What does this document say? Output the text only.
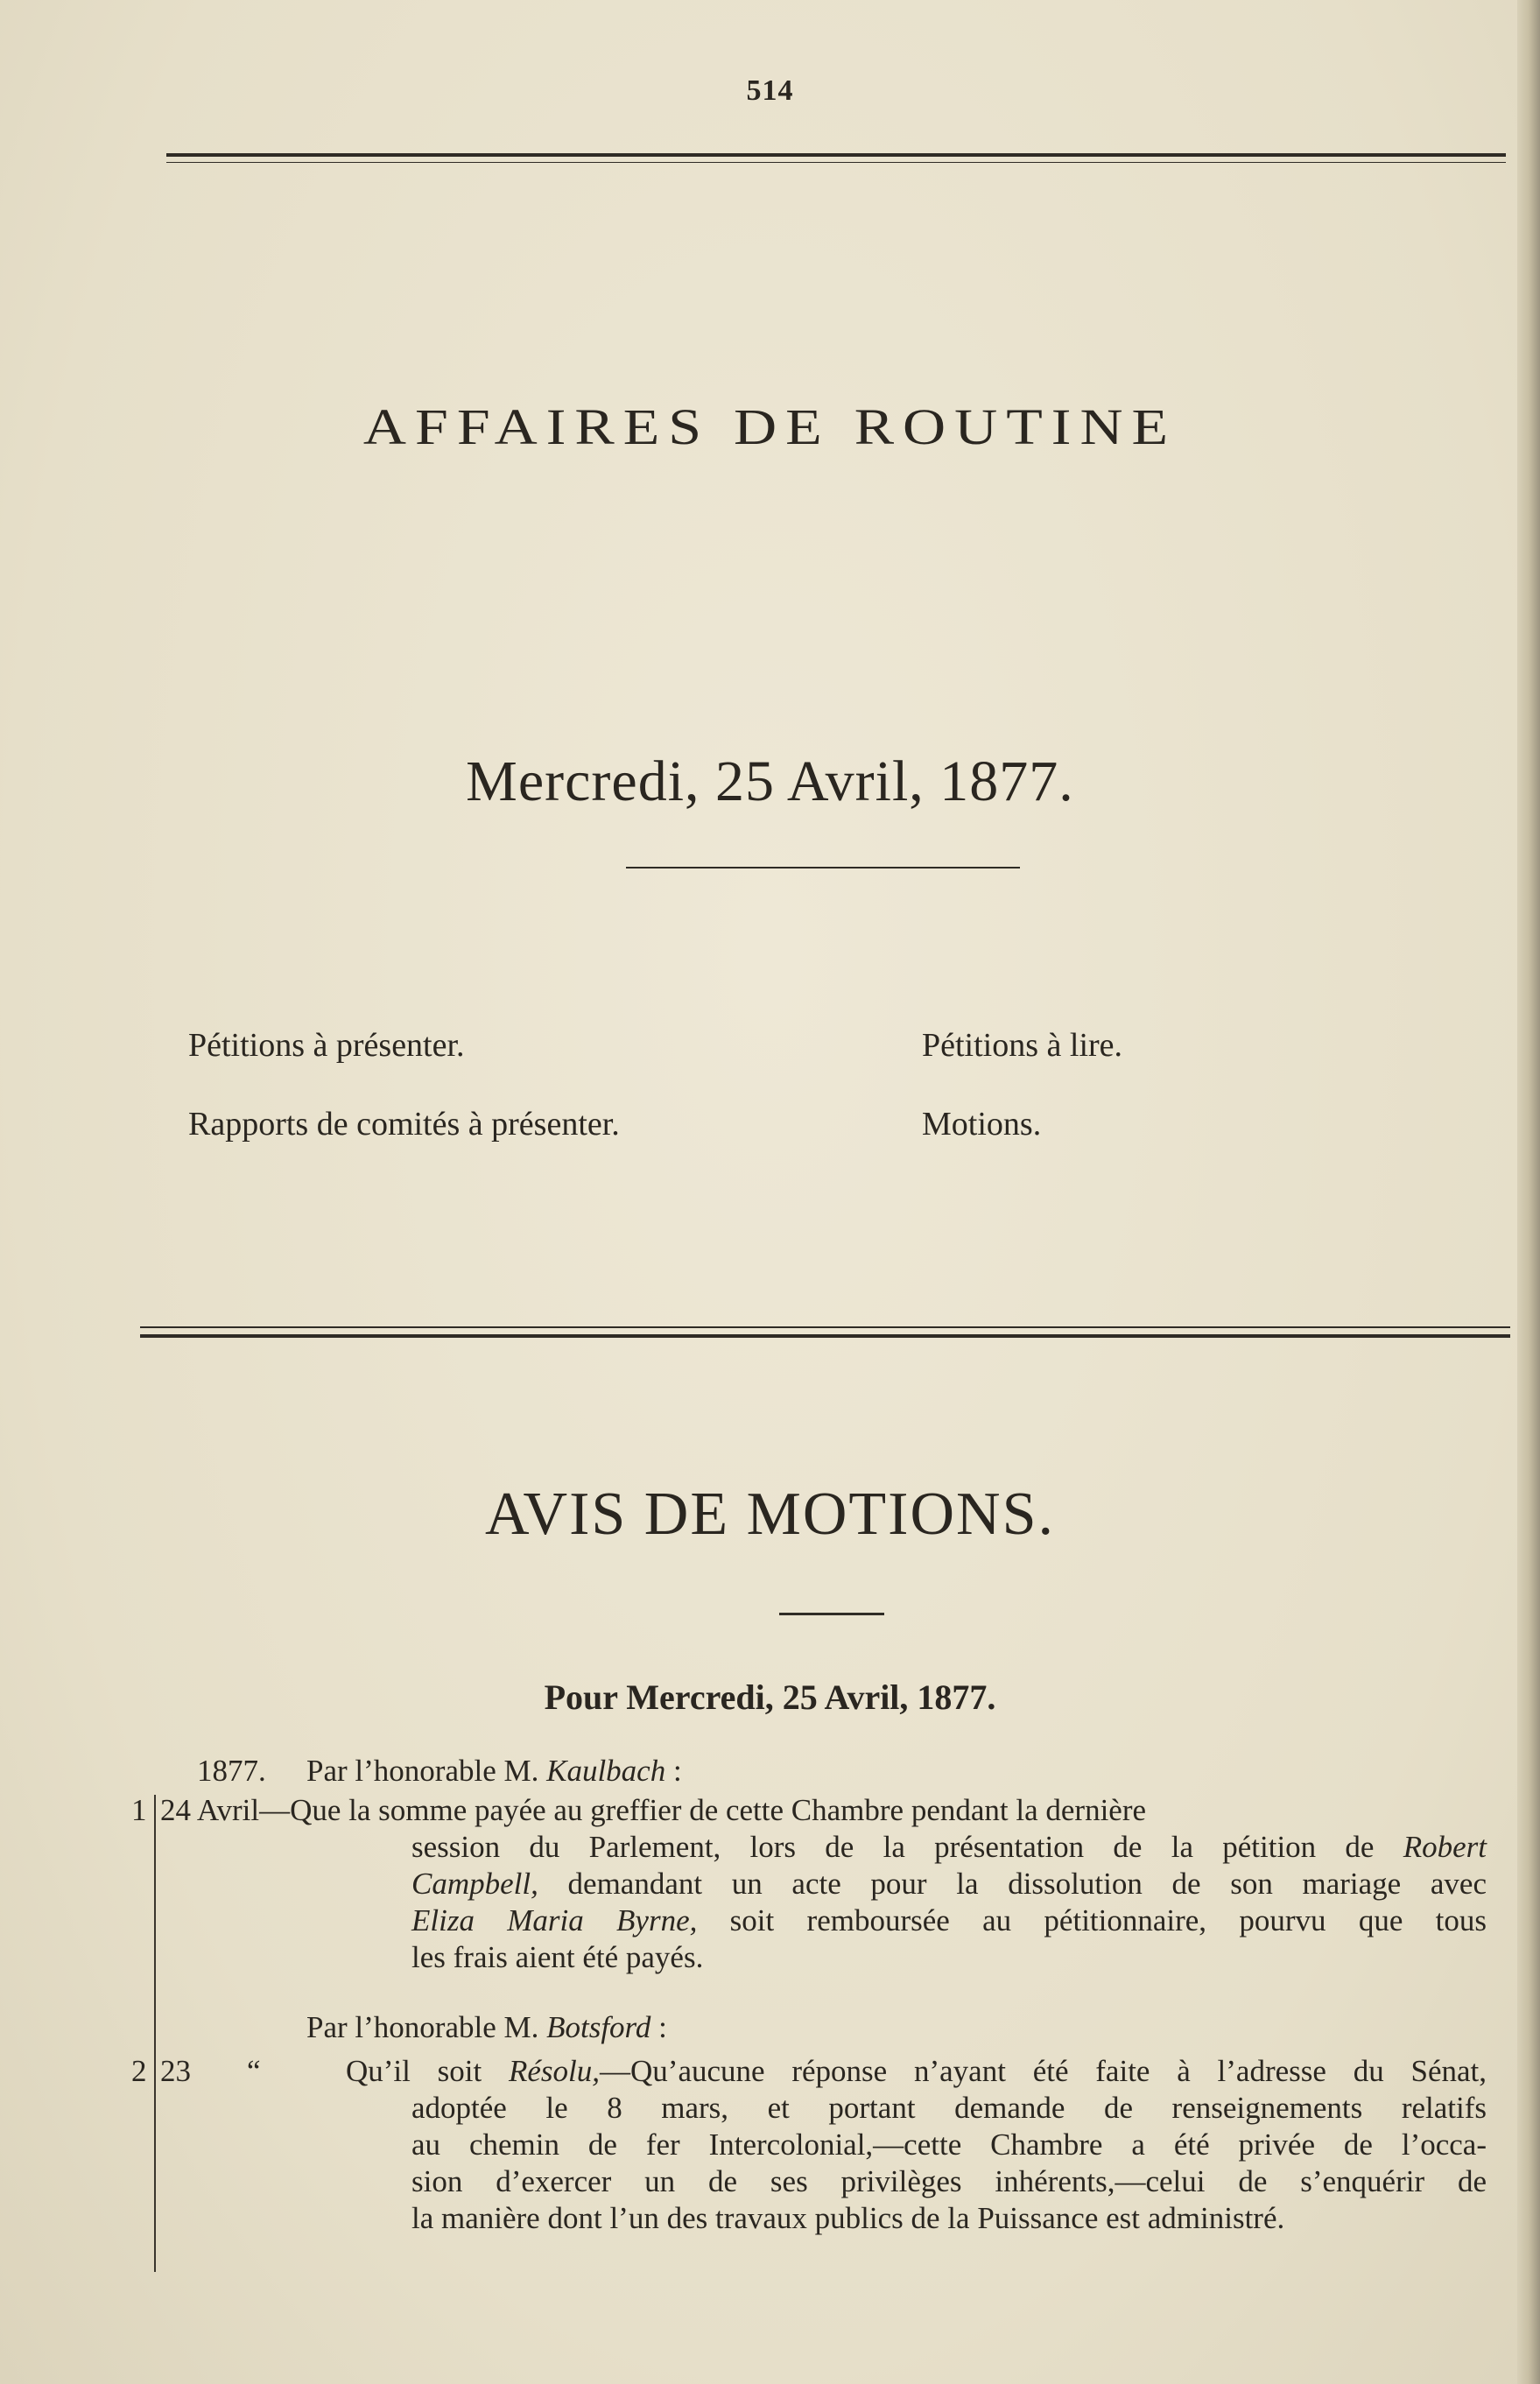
514
AFFAIRES DE ROUTINE
Mercredi, 25 Avril, 1877.
Pétitions à présenter.	Pétitions à lire.
Rapports de comités à présenter.	Motions.
AVIS DE MOTIONS.
Pour Mercredi, 25 Avril, 1877.
1877. Par l’honorable M. Kaulbach :
1 24 Avril—Que la somme payée au greffier de cette Chambre pendant la dernière
session du Parlement, lors de la présentation de la pétition de Robert
Campbell, demandant un acte pour la dissolution de son mariage avec
Eliza Maria Byrne, soit remboursée au pétitionnaire, pourvu que tous
les frais aient été payés.
Par l’honorable M. Botsford :
2 23 “	Qu’il soit Résolu,—Qu’aucune réponse n’ayant été faite à l’adresse du Sénat,
adoptée le 8 mars, et portant demande de renseignements relatifs
au chemin de fer Intercolonial,—cette Chambre a été privée de l’occa-
sion d’exercer un de ses privilèges inhérents,—celui de s’enquérir de
la manière dont l’un des travaux publics de la Puissance est administré.
